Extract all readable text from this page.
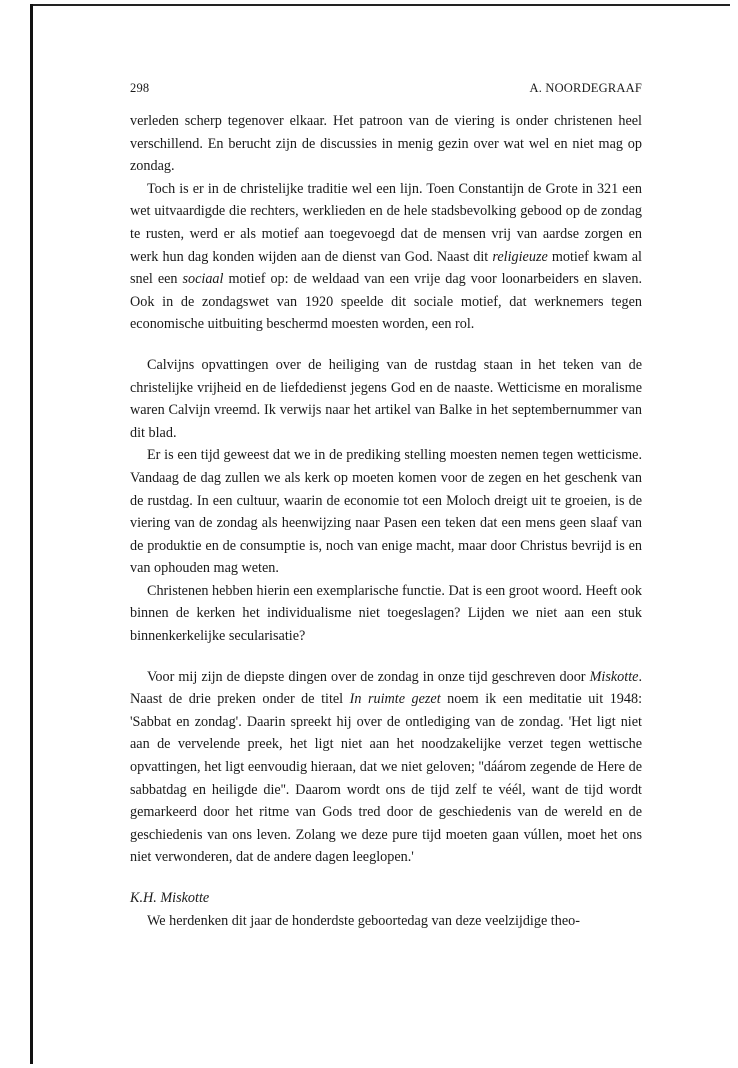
298	A. NOORDEGRAAF

verleden scherp tegenover elkaar. Het patroon van de viering is onder christenen heel verschillend. En berucht zijn de discussies in menig gezin over wat wel en niet mag op zondag.

Toch is er in de christelijke traditie wel een lijn. Toen Constantijn de Grote in 321 een wet uitvaardigde die rechters, werklieden en de hele stadsbevolking gebood op de zondag te rusten, werd er als motief aan toegevoegd dat de mensen vrij van aardse zorgen en werk hun dag konden wijden aan de dienst van God. Naast dit religieuze motief kwam al snel een sociaal motief op: de weldaad van een vrije dag voor loonarbeiders en slaven. Ook in de zondagswet van 1920 speelde dit sociale motief, dat werknemers tegen economische uitbuiting beschermd moesten worden, een rol.

Calvijns opvattingen over de heiliging van de rustdag staan in het teken van de christelijke vrijheid en de liefdedienst jegens God en de naaste. Wetticisme en moralisme waren Calvijn vreemd. Ik verwijs naar het artikel van Balke in het septembernummer van dit blad.

Er is een tijd geweest dat we in de prediking stelling moesten nemen tegen wetticisme. Vandaag de dag zullen we als kerk op moeten komen voor de zegen en het geschenk van de rustdag. In een cultuur, waarin de economie tot een Moloch dreigt uit te groeien, is de viering van de zondag als heenwijzing naar Pasen een teken dat een mens geen slaaf van de produktie en de consumptie is, noch van enige macht, maar door Christus bevrijd is en van ophouden mag weten.

Christenen hebben hierin een exemplarische functie. Dat is een groot woord. Heeft ook binnen de kerken het individualisme niet toegeslagen? Lijden we niet aan een stuk binnenkerkelijke secularisatie?

Voor mij zijn de diepste dingen over de zondag in onze tijd geschreven door Miskotte. Naast de drie preken onder de titel In ruimte gezet noem ik een meditatie uit 1948: 'Sabbat en zondag'. Daarin spreekt hij over de ontlediging van de zondag. 'Het ligt niet aan de vervelende preek, het ligt niet aan het noodzakelijke verzet tegen wettische opvattingen, het ligt eenvoudig hieraan, dat we niet geloven; ''dáárom zegende de Here de sabbatdag en heiligde die''. Daarom wordt ons de tijd zelf te véél, want de tijd wordt gemarkeerd door het ritme van Gods tred door de geschiedenis van de wereld en de geschiedenis van ons leven. Zolang we deze pure tijd moeten gaan vúllen, moet het ons niet verwonderen, dat de andere dagen leeglopen.'

K.H. Miskotte

We herdenken dit jaar de honderdste geboortedag van deze veelzijdige theo-
